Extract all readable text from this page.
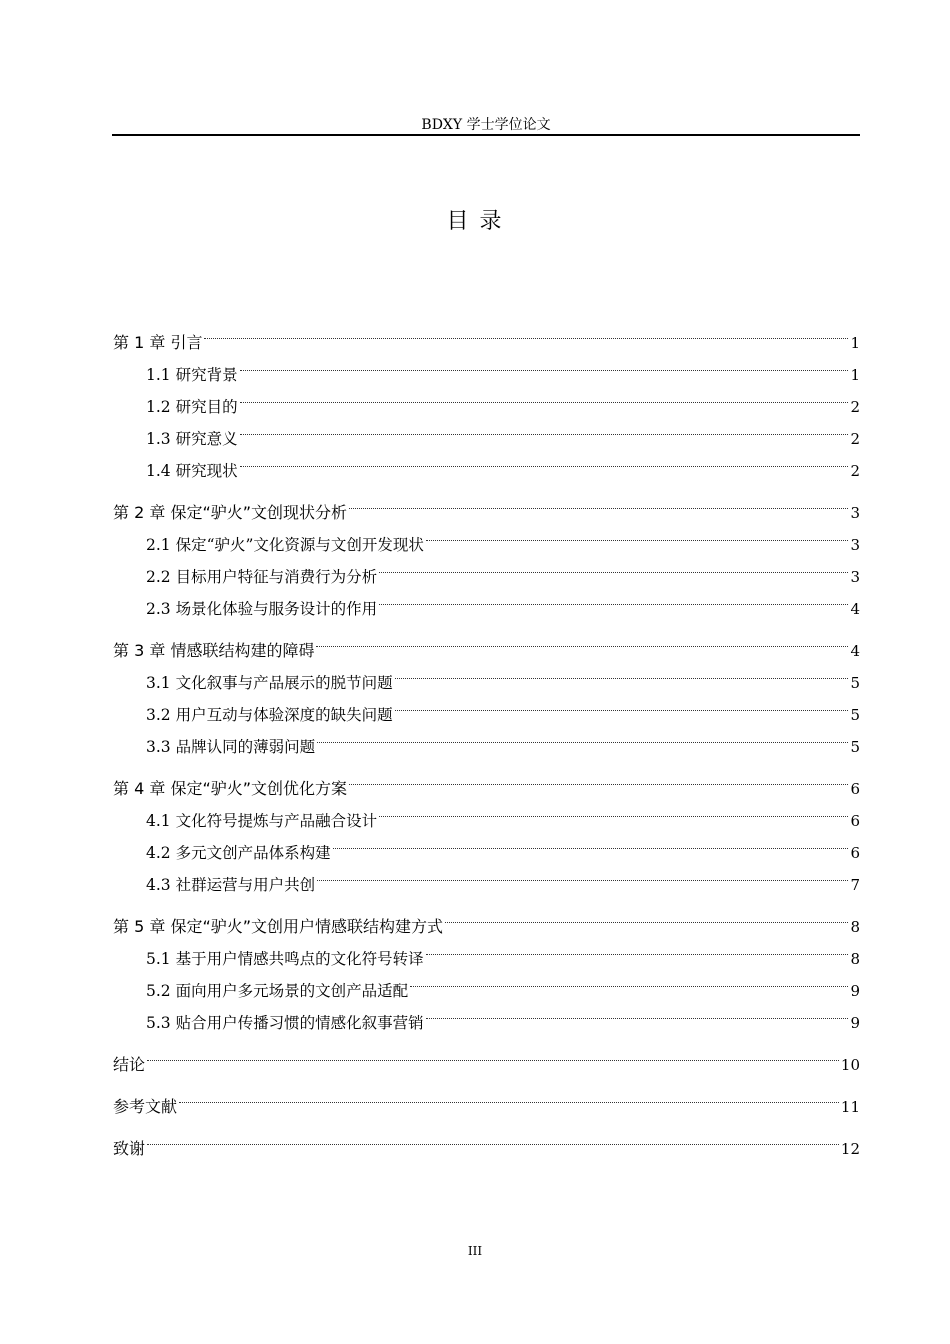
BDXY 学士学位论文
目 录
第 1 章 引言	1
1.1 研究背景	1
1.2 研究目的	2
1.3 研究意义	2
1.4 研究现状	2
第 2 章 保定“驴火”文创现状分析	3
2.1 保定“驴火”文化资源与文创开发现状	3
2.2 目标用户特征与消费行为分析	3
2.3 场景化体验与服务设计的作用	4
第 3 章 情感联结构建的障碍	4
3.1 文化叙事与产品展示的脱节问题	5
3.2 用户互动与体验深度的缺失问题	5
3.3 品牌认同的薄弱问题	5
第 4 章 保定“驴火”文创优化方案	6
4.1 文化符号提炼与产品融合设计	6
4.2 多元文创产品体系构建	6
4.3 社群运营与用户共创	7
第 5 章 保定“驴火”文创用户情感联结构建方式	8
5.1 基于用户情感共鸣点的文化符号转译	8
5.2 面向用户多元场景的文创产品适配	9
5.3 贴合用户传播习惯的情感化叙事营销	9
结论	10
参考文献	11
致谢	12
III
